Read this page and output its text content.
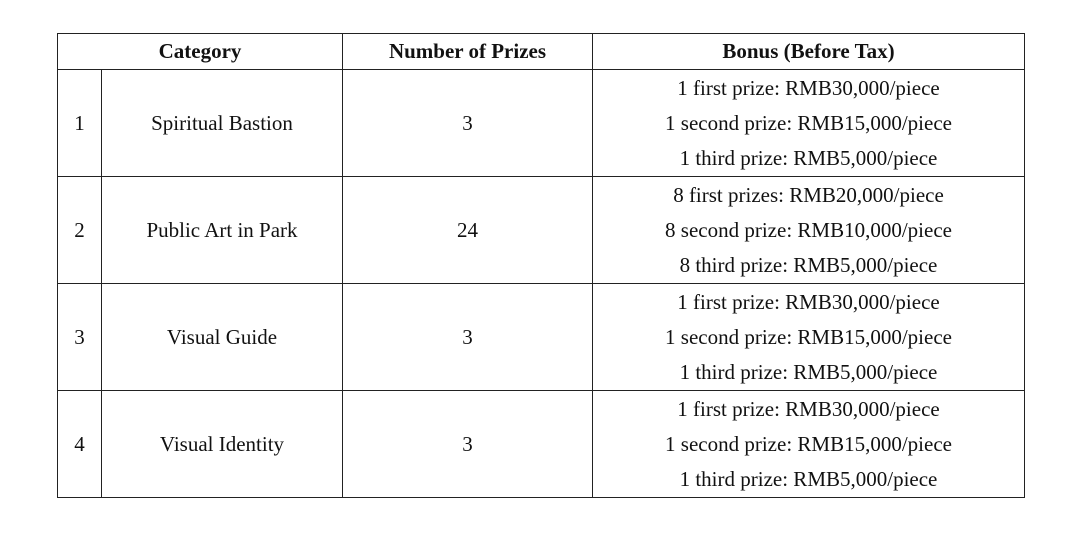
Category		Number of Prizes	Bonus (Before Tax)
1	Spiritual Bastion	3	1 first prize: RMB30,000/piece
1 second prize: RMB15,000/piece
1 third prize: RMB5,000/piece

2	Public Art in Park	24	8 first prizes: RMB20,000/piece
8 second prize: RMB10,000/piece
8 third prize: RMB5,000/piece

3	Visual Guide	3	1 first prize: RMB30,000/piece
1 second prize: RMB15,000/piece
1 third prize: RMB5,000/piece

4	Visual Identity	3	1 first prize: RMB30,000/piece
1 second prize: RMB15,000/piece
1 third prize: RMB5,000/piece
